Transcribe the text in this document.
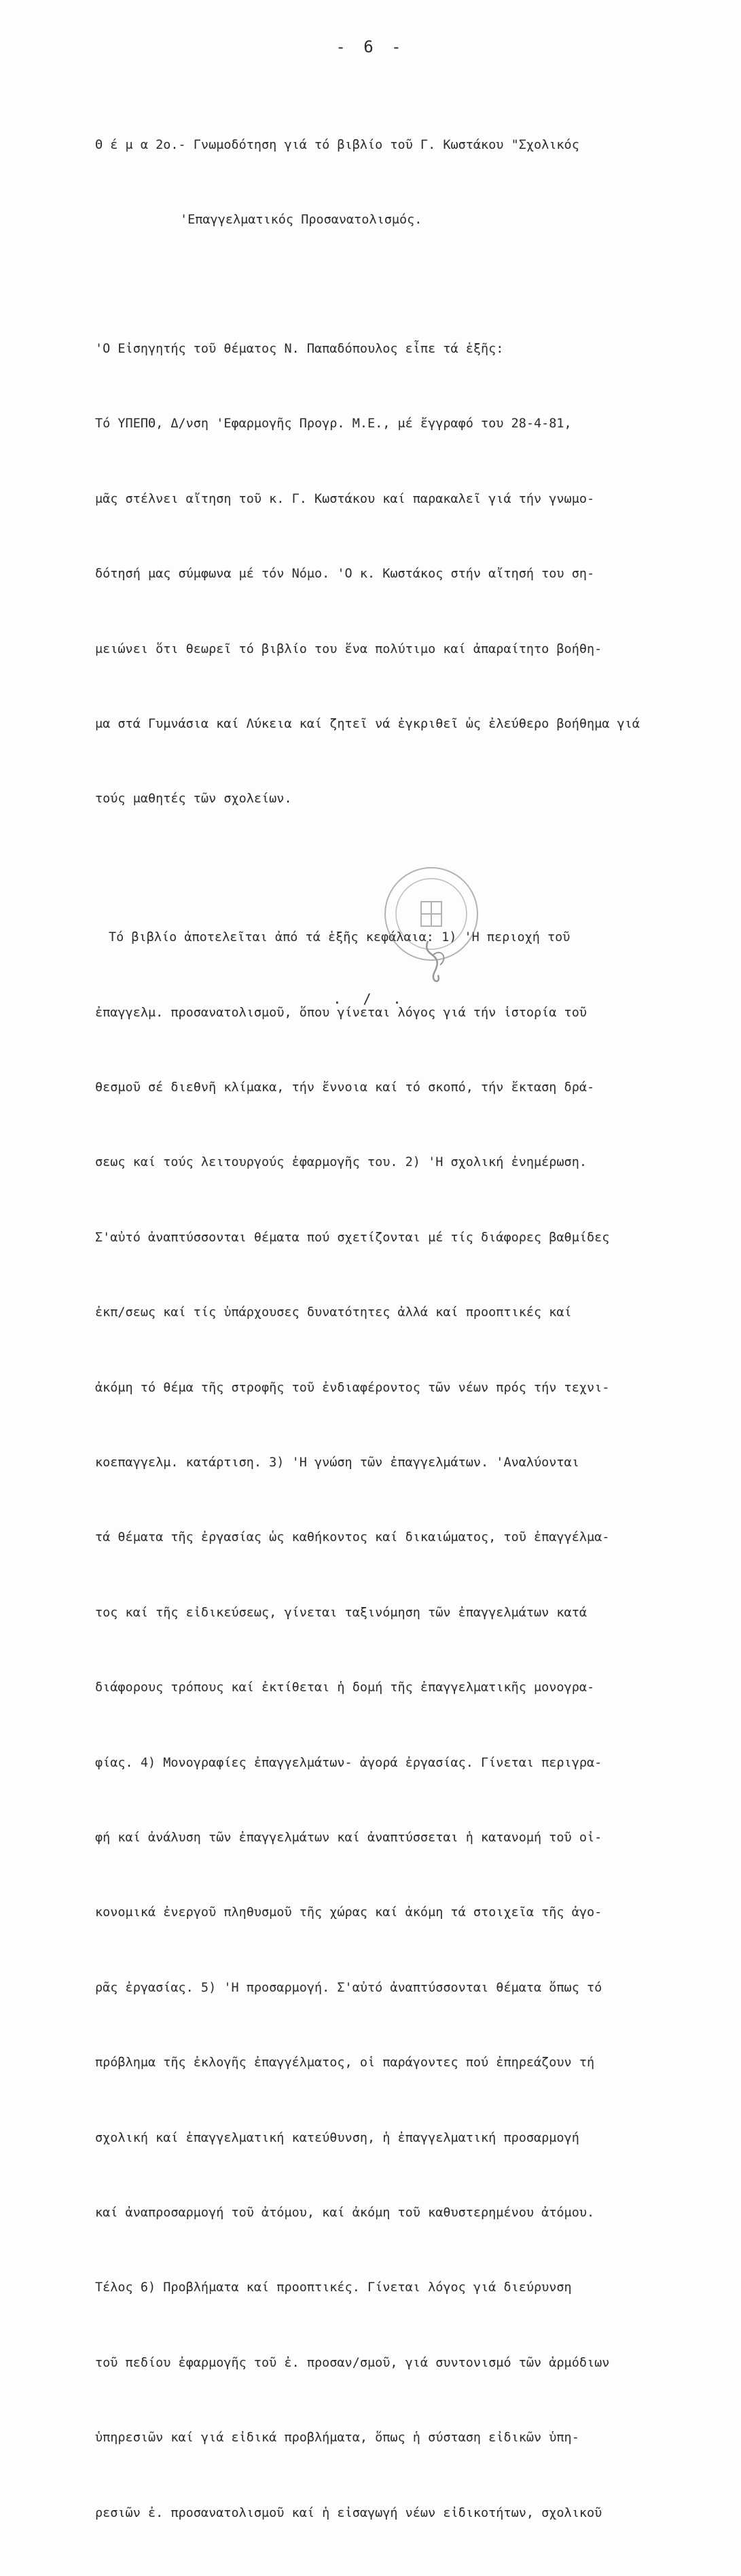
- 6 -

Θ έ μ α 2ο.- Γνωμοδότηση γιά τό βιβλίο τοῦ Γ. Κωστάκου "Σχολικός

'Επαγγελματικός Προσανατολισμός.

'Ο Εἰσηγητής τοῦ θέματος Ν. Παπαδόπουλος εἶπε τά ἑξῆς:

Τό ΥΠΕΠΘ, Δ/νση 'Εφαρμογῆς Προγρ. Μ.Ε., μέ ἔγγραφό του 28-4-81,

μᾶς στέλνει αἴτηση τοῦ κ. Γ. Κωστάκου καί παρακαλεῖ γιά τήν γνωμο-

δότησή μας σύμφωνα μέ τόν Νόμο. 'Ο κ. Κωστάκος στήν αἴτησή του ση-

μειώνει ὅτι θεωρεῖ τό βιβλίο του ἕνα πολύτιμο καί ἀπαραίτητο βοήθη-

μα στά Γυμνάσια καί Λύκεια καί ζητεῖ νά ἐγκριθεῖ ὡς ἐλεύθερο βοήθημα γιά

τούς μαθητές τῶν σχολείων.

Τό βιβλίο ἀποτελεῖται ἀπό τά ἑξῆς κεφάλαια: 1) 'Η περιοχή τοῦ

ἐπαγγελμ. προσανατολισμοῦ, ὅπου γίνεται λόγος γιά τήν ἱστορία τοῦ

θεσμοῦ σέ διεθνῆ κλίμακα, τήν ἔννοια καί τό σκοπό, τήν ἔκταση δρά-

σεως καί τούς λειτουργούς ἐφαρμογῆς του. 2) 'Η σχολική ἐνημέρωση.

Σ'αὐτό ἀναπτύσσονται θέματα πού σχετίζονται μέ τίς διάφορες βαθμίδες

ἐκπ/σεως καί τίς ὑπάρχουσες δυνατότητες ἀλλά καί προοπτικές καί

ἀκόμη τό θέμα τῆς στροφῆς τοῦ ἐνδιαφέροντος τῶν νέων πρός τήν τεχνι-

κοεπαγγελμ. κατάρτιση. 3) 'Η γνώση τῶν ἐπαγγελμάτων. 'Αναλύονται

τά θέματα τῆς ἐργασίας ὡς καθήκοντος καί δικαιώματος, τοῦ ἐπαγγέλμα-

τος καί τῆς εἰδικεύσεως, γίνεται ταξινόμηση τῶν ἐπαγγελμάτων κατά

διάφορους τρόπους καί ἐκτίθεται ἡ δομή τῆς ἐπαγγελματικῆς μονογρα-

φίας. 4) Μονογραφίες ἐπαγγελμάτων- ἀγορά ἐργασίας. Γίνεται περιγρα-

φή καί ἀνάλυση τῶν ἐπαγγελμάτων καί ἀναπτύσσεται ἡ κατανομή τοῦ οἰ-

κονομικά ἐνεργοῦ πληθυσμοῦ τῆς χώρας καί ἀκόμη τά στοιχεῖα τῆς ἀγο-

ρᾶς ἐργασίας. 5) 'Η προσαρμογή. Σ'αὐτό ἀναπτύσσονται θέματα ὅπως τό

πρόβλημα τῆς ἐκλογῆς ἐπαγγέλματος, οἱ παράγοντες πού ἐπηρεάζουν τή

σχολική καί ἐπαγγελματική κατεύθυνση, ἡ ἐπαγγελματική προσαρμογή

καί ἀναπροσαρμογή τοῦ ἀτόμου, καί ἀκόμη τοῦ καθυστερημένου ἀτόμου.

Τέλος 6) Προβλήματα καί προοπτικές. Γίνεται λόγος γιά διεύρυνση

τοῦ πεδίου ἐφαρμογῆς τοῦ ἐ. προσαν/σμοῦ, γιά συντονισμό τῶν ἁρμόδιων

ὑπηρεσιῶν καί γιά εἰδικά προβλήματα, ὅπως ἡ σύσταση εἰδικῶν ὑπη-

ρεσιῶν ἐ. προσανατολισμοῦ καί ἡ εἰσαγωγή νέων εἰδικοτήτων, σχολικοῦ

. / .
